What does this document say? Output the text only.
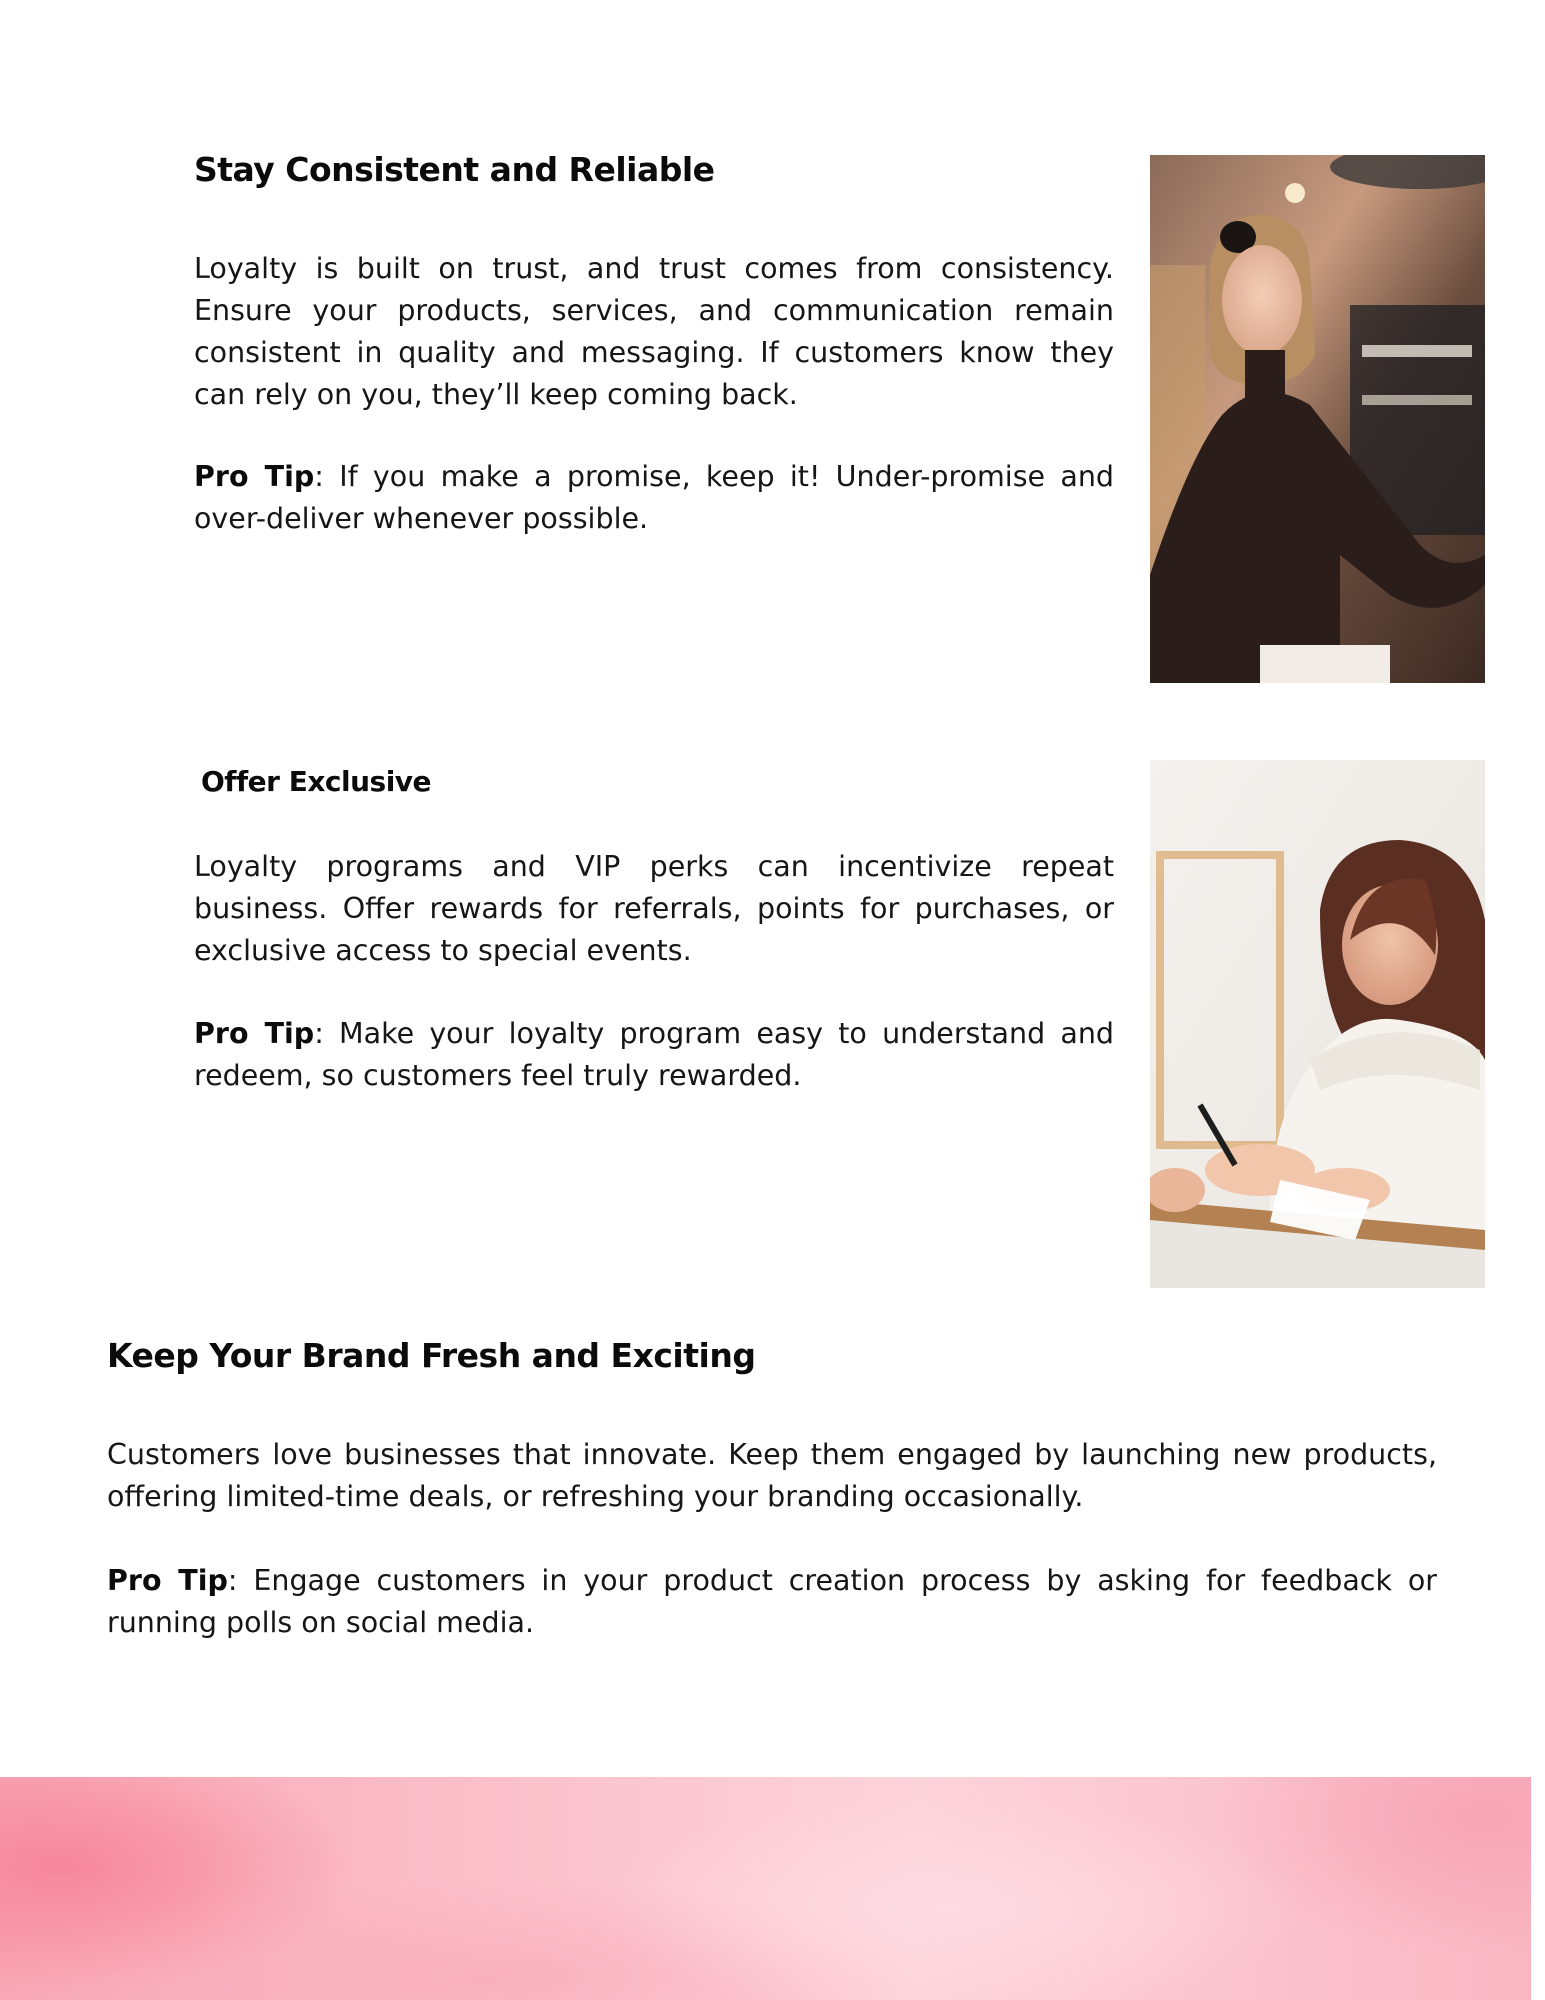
Stay Consistent and Reliable

Loyalty is built on trust, and trust comes from consistency. Ensure your products, services, and communication remain consistent in quality and messaging. If customers know they can rely on you, they’ll keep coming back.

Pro Tip: If you make a promise, keep it! Under-promise and over-deliver whenever possible.

Offer Exclusive

Loyalty programs and VIP perks can incentivize repeat business. Offer rewards for referrals, points for purchases, or exclusive access to special events.

Pro Tip: Make your loyalty program easy to understand and redeem, so customers feel truly rewarded.

Keep Your Brand Fresh and Exciting

Customers love businesses that innovate. Keep them engaged by launching new products, offering limited-time deals, or refreshing your branding occasionally.

Pro Tip: Engage customers in your product creation process by asking for feedback or running polls on social media.
